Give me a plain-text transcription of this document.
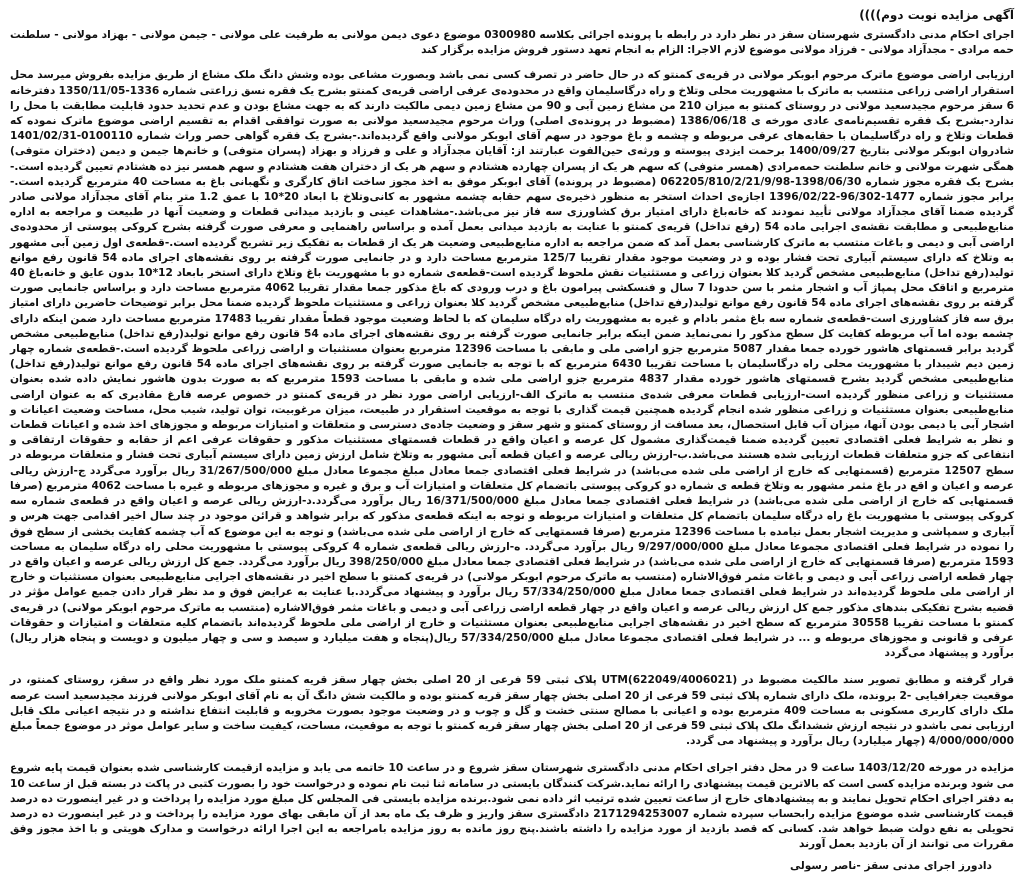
آگهی مزایده نوبت دوم))))

اجرای احکام مدنی دادگستری شهرستان سقز در نظر دارد در رابطه با پرونده اجرائی بکلاسه 0300980 موضوع دعوی دیمن مولانی به طرفیت علی مولانی - جیمن مولانی - بهزاد مولانی - سلطنت حمه مرادی - مجدآزاد مولانی - فرزاد مولانی موضوع لازم الاجرا: الزام به انجام تعهد دستور فروش مزایده برگزار کند

ارزیابی اراضی موضوع ماترک مرحوم ابوبکر مولانی در قریه‌ی کمنتو که در حال حاضر در تصرف کسی نمی باشد وبصورت مشاعی بوده وشش دانگ ملک مشاع از طریق مزایده بفروش میرسد محل استقرار اراضی زراعی منتسب به ماترک با مشهوریت محلی وتلاخ و راه درگاسلیمان واقع در محدوده‌ی عرفی اراضی قریه‌ی کمنتو بشرح یک فقره نسق زراعتی شماره 1336-1350/11/05 دفترخانه 6 سقز مرحوم مجیدسعید مولانی در روستای کمنتو به میزان 210 من مشاع زمین آبی و 90 من مشاع زمین دیمی مالکیت دارند که به جهت مشاع بودن و عدم تحدید حدود قابلیت مطابقت با محل را ندارد-بشرح یک فقره تقسیم‌نامه‌ی عادی مورخه ی 1386/06/18 (مضبوط در پرونده‌ی اصلی) وراث مرحوم مجیدسعید مولانی به صورت توافقی اقدام به تقسیم اراضی موضوع ماترک نموده که قطعات وتلاخ و راه درگاسلیمان با حقابه‌های عرفی مربوطه و چشمه و باغ موجود در سهم آقای ابوبکر مولانی واقع گردیده‌اند.-بشرح یک فقره گواهی حصر وراث شماره 0100110-1401/02/31 شادروان ابوبکر مولانی بتاریخ 1400/09/27 برحمت ایزدی پیوسته و ورثه‌ی حین‌الفوت عبارتند از: آقایان مجدآزاد و علی و فرزاد و بهزاد (پسران متوفی) و خانم‌ها جیمن و دیمن (دختران متوفی) همگی شهرت مولانی و خانم سلطنت حمه‌مرادی (همسر متوفی) که سهم هر یک از پسران چهارده هشتادم و سهم هر یک از دختران هفت هشتادم و سهم همسر نیز ده هشتادم تعیین گردیده است.-بشرح یک فقره مجوز شماره 1398/06/30-062205/810/2/21/9/98 (مضبوط در پرونده) آقای ابوبکر موفق به اخذ مجوز ساخت اتاق کارگری و نگهبانی باغ به مساحت 40 مترمربع گردیده است.-برابر مجوز شماره 1477-96/302-1396/02/22 اجازه‌ی احداث استخر به منظور ذخیره‌ی سهم حقابه چشمه مشهور به کانی‌وتلاخ با ابعاد 20*10 با عمق 1.2 متر بنام آقای مجدآزاد مولانی صادر گردیده ضمنا آقای مجدآزاد مولانی تأیید نمودند که خانه‌باغ دارای امتیاز برق کشاورزی سه فاز نیز می‌باشد.-مشاهدات عینی و بازدید میدانی قطعات و وضعیت آنها در طبیعت و مراجعه به اداره منابع‌طبیعی و مطابقت نقشه‌ی اجرایی ماده 54 (رفع تداخل) قریه‌ی کمنتو با عنایت به بازدید میدانی بعمل آمده و براساس راهنمایی و معرفی صورت گرفته بشرح کروکی پیوستی از محدوده‌ی اراضی آبی و دیمی و باغات منتسب به ماترک کارشناسی بعمل آمد که ضمن مراجعه به اداره منابع‌طبیعی وضعیت هر یک از قطعات به تفکیک زیر تشریح گردیده است.-قطعه‌ی اول زمین آبی مشهور به وتلاخ که دارای سیستم آبیاری تحت فشار بوده و در وضعیت موجود مقدار تقریبا 125/7 مترمربع مساحت دارد و در جانمایی صورت گرفته بر روی نقشه‌های اجرای ماده 54 قانون رفع موانع تولید(رفع تداخل) منابع‌طبیعی مشخص گردید کلا بعنوان زراعی و مستثنیات نقش ملحوظ گردیده است-قطعه‌ی شماره دو با مشهوریت باغ وتلاخ دارای استخر بابعاد 12*10 بدون عایق و خانه‌باغ 40 مترمربع و اتاقک محل پمپاژ آب و اشجار مثمر با سن حدودا 7 سال و فنسکشی پیرامون باغ و درب ورودی که باغ مذکور جمعا مقدار تقریبا 4062 مترمربع مساحت دارد و براساس جانمایی صورت گرفته بر روی نقشه‌های اجرای ماده 54 قانون رفع موانع تولید(رفع تداخل) منابع‌طبیعی مشخص گردید کلا بعنوان زراعی و مستثنیات ملحوظ گردیده ضمنا محل برابر توضیحات حاضرین دارای امتیاز برق سه فاز کشاورزی است-قطعه‌ی شماره سه باغ مثمر بادام و غیره به مشهوریت راه درگاه سلیمان که با لحاظ وضعیت موجود قطعاً مقدار تقریبا 17483 مترمربع مساحت دارد ضمن اینکه دارای چشمه بوده اما آب مربوطه کفایت کل سطح مذکور را نمی‌نماید ضمن اینکه برابر جانمایی صورت گرفته بر روی نقشه‌های اجرای ماده 54 قانون رفع موانع تولید(رفع تداخل) منابع‌طبیعی مشخص گردید برابر قسمتهای هاشور خورده جمعا مقدار 5087 مترمربع جزو اراضی ملی و مابقی با مساحت 12396 مترمربع بعنوان مستثنیات و اراضی زراعی ملحوظ گردیده است.-قطعه‌ی شماره چهار زمین دیم شیبدار با مشهوریت محلی راه درگاسلیمان با مساحت تقریبا 6430 مترمربع که با توجه به جانمایی صورت گرفته بر روی نقشه‌های اجرای ماده 54 قانون رفع موانع تولید(رفع تداخل) منابع‌طبیعی مشخص گردید بشرح قسمتهای هاشور خورده مقدار 4837 مترمربع جزو اراضی ملی شده و مابقی با مساحت 1593 مترمربع که به صورت بدون هاشور نمایش داده شده بعنوان مستثنیات و زراعی منظور گردیده است-ارزیابی قطعات معرفی شده‌ی منتسب به ماترک الف-ارزیابی اراضی مورد نظر در قریه‌ی کمنتو در خصوص عرصه فارغ مقادیری که به عنوان اراضی منابع‌طبیعی بعنوان مستثنیات و زراعی منظور شده انجام گردیده همچنین قیمت گذاری با توجه به موقعیت استقرار در طبیعت، میزان مرغوبیت، توان تولید، شیب محل، مساحت وضعیت اعیانات و اشجار آبی یا دیمی بودن آنها، میزان آب قابل استحصال، بعد مسافت از روستای کمنتو و شهر سقز و وضعیت جاده‌ی دسترسی و متعلقات و امتیازات مربوطه و مجوزهای اخذ شده و اعیانات قطعات و نظر به شرایط فعلی اقتصادی تعیین گردیده ضمنا قیمت‌گذاری مشمول کل عرصه و اعیان واقع در قطعات قسمتهای مستثنیات مذکور و حقوقات عرفی اعم از حقابه و حقوقات ارتفاقی و انتفاعی که جزو متعلقات قطعات ارزیابی شده هستند می‌باشد.ب-ارزش ریالی عرصه و اعیان قطعه آبی مشهور به وتلاخ شامل ارزش زمین دارای سیستم آبیاری تحت فشار و متعلقات مربوطه در سطح 12507 مترمربع (قسمتهایی که خارج از اراضی ملی شده می‌باشد) در شرایط فعلی اقتصادی جمعا معادل مبلغ مجموعا معادل مبلغ 31/267/500/000 ریال برآورد می‌گردد ج-ارزش ریالی عرصه و اعیان و اقع در باغ مثمر مشهور به وتلاخ قطعه ی شماره دو کروکی پیوستی باتضمام کل متعلقات و امتیازات آب و برق و غیره و مجوزهای مربوطه و غیره با مساحت 4062 مترمربع (صرفا قسمتهایی که خارج از اراضی ملی شده می‌باشد) در شرایط فعلی اقتصادی جمعا معادل مبلغ 16/371/500/000 ریال برآورد می‌گردد.د-ارزش ریالی عرصه و اعیان واقع در قطعه‌ی شماره سه کروکی پیوستی با مشهوریت باغ راه درگاه سلیمان باتضمام کل متعلقات و امتیازات مربوطه و توجه به اینکه قطعه‌ی مذکور که برابر شواهد و قرائن موجود در چند سال اخیر اقدامی جهت هرس و آبیاری و سمپاشی و مدیریت اشجار بعمل نیامده با مساحت 12396 مترمربع (صرفا قسمتهایی که خارج از اراضی ملی شده می‌باشد) و توجه به این موضوع که آب چشمه کفایت بخشی از سطح فوق را نموده در شرایط فعلی اقتصادی مجموعا معادل مبلغ 9/297/000/000 ریال برآورد می‌گردد. ه-ارزش ریالی قطعه‌ی شماره 4 کروکی پیوستی با مشهوریت محلی راه درگاه سلیمان به مساحت 1593 مترمربع (صرفا قسمتهایی که خارج از اراضی ملی شده می‌باشد) در شرایط فعلی اقتصادی جمعا معادل مبلغ 398/250/000 ریال برآورد می‌گردد. جمع کل ارزش ریالی عرصه و اعیان واقع در چهار قطعه اراضی زراعی آبی و دیمی و باغات مثمر فوق‌الاشاره (منتسب به ماترک مرحوم ابوبکر مولانی) در قریه‌ی کمنتو با سطح اخیر در نقشه‌های اجرایی منابع‌طبیعی بعنوان مستثنیات و خارج از اراضی ملی ملحوظ گردیده‌اند در شرایط فعلی اقتصادی جمعا معادل مبلغ 57/334/250/000 ریال برآورد و پیشنهاد می‌گردد.با عنایت به عرایض فوق و مد نظر قرار دادن جمیع عوامل مؤثر در قضیه بشرح تفکیکی بندهای مذکور جمع کل ارزش ریالی عرصه و اعیان واقع در چهار قطعه اراضی زراعی آبی و دیمی و باغات مثمر فوق‌الاشاره (منتسب به ماترک مرحوم ابوبکر مولانی) در قریه‌ی کمنتو با مساحت تقریبا 30558 مترمربع که سطح اخیر در نقشه‌های اجرایی منابع‌طبیعی بعنوان مستثنیات و خارج از اراضی ملی ملحوظ گردیده‌اند باتضمام کلیه متعلقات و امتیازات و حقوقات عرفی و قانونی و مجوزهای مربوطه و ... در شرایط فعلی اقتصادی مجموعا معادل مبلغ 57/334/250/000 ریال(پنجاه و هفت میلیارد و سیصد و سی و چهار میلیون و دویست و پنجاه هزار ریال) برآورد و پیشنهاد می‌گردد

قرار گرفته و مطابق تصویر سند مالکیت مضبوط در UTM(622049/4006021) پلاک ثبتی 59 فرعی از 20 اصلی بخش چهار سقز قریه کمنتو ملک مورد نظر واقع در سقز، روستای کمنتو، در موقعیت جغرافیایی -2 برونده، ملک دارای شماره پلاک ثبتی 59 فرعی از 20 اصلی بخش چهار سقز قریه کمنتو بوده و مالکیت شش دانگ آن به نام آقای ابوبکر مولانی فرزند مجیدسعید است عرصه ملک دارای کاربری مسکونی به مساحت 409 مترمربع بوده و اعیانی با مصالح سنتی خشت و گل و چوب و در وضعیت موجود بصورت مخروبه و قابلیت انتفاع نداشته و در نتیجه اعیانی ملک قابل ارزیابی نمی باشدو در نتیجه ارزش ششدانگ ملک پلاک ثبتی 59 فرعی از 20 اصلی بخش چهار سقز قریه کمنتو با توجه به موقعیت، مساحت، کیفیت ساخت و سایر عوامل موثر در موضوع جمعاً مبلغ 4/000/000/000 (چهار میلیارد) ریال برآورد و پیشنهاد می گردد.

مزایده در مورخه 1403/12/20 ساعت 9 در محل دفتر اجرای احکام مدنی دادگستری شهرستان سقز شروع و در ساعت 10 خاتمه می یابد و مزایده ازقیمت کارشناسی شده بعنوان قیمت پایه شروع می شود وبرنده مزایده کسی است که بالاترین قیمت پیشنهادی را ارائه نماید.شرکت کنندگان بایستی در سامانه ثنا ثبت نام نموده و درخواست خود را بصورت کتبی در پاکت در بسته قبل از ساعت 10 به دفتر اجرای احکام تحویل نمایند و به پیشنهادهای خارج از ساعت تعیین شده ترتیب اثر داده نمی شود.برنده مزایده بایستی فی المجلس کل مبلغ مورد مزایده را پرداخت و در غیر اینصورت ده درصد قیمت کارشناسی شده موضوع مزایده رابحساب سپرده شماره 2171294253007 دادگستری سقز واریز و ظرف یک ماه بعد از آن مابقی بهای مورد مزایده را پرداخت و در غیر اینصورت ده درصد تحویلی به نفع دولت ضبط خواهد شد. کسانی که قصد بازدید از مورد مزایده را داشته باشند.پنج روز مانده به روز مزایده بامراجعه به این اجرا ارائه درخواست و مدارک هویتی و با اخذ مجوز وفق مقررات می توانند از آن بازدید بعمل آورند

دادورز اجرای مدنی سقز -ناصر رسولی
